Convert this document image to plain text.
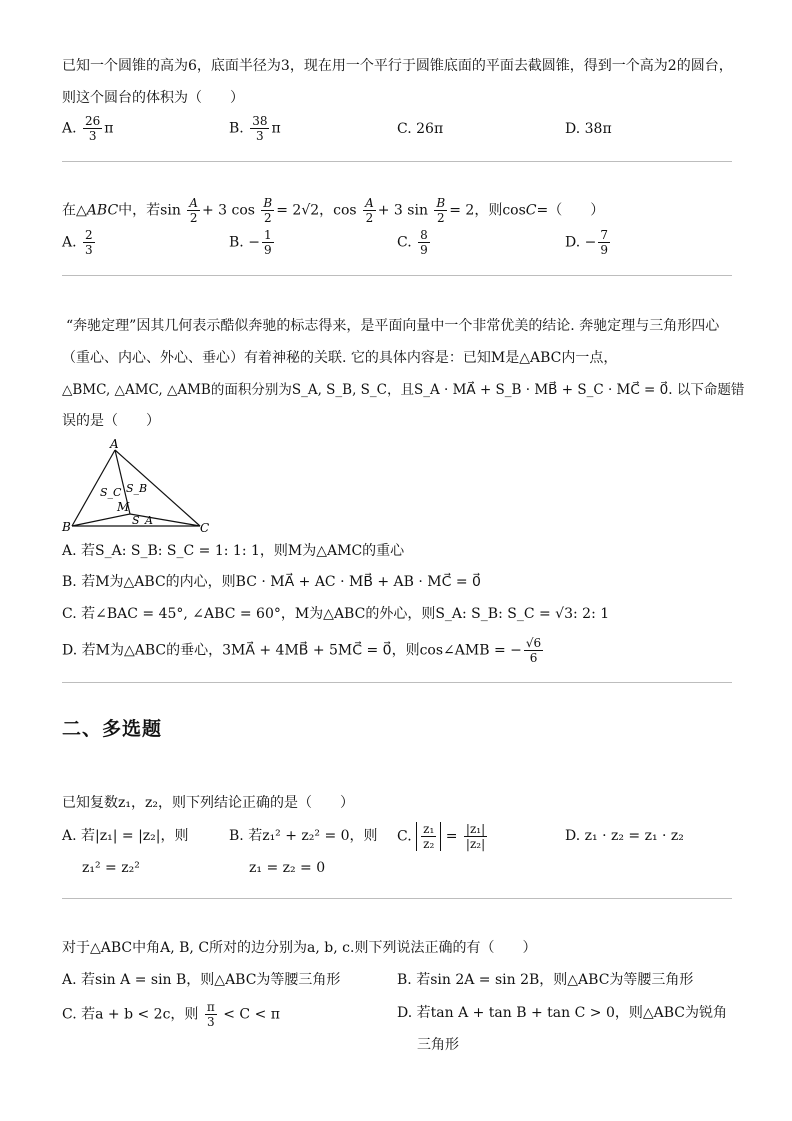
已知一个圆锥的高为6，底面半径为3，现在用一个平行于圆锥底面的平面去截圆锥，得到一个高为2的圆台，
则这个圆台的体积为（　　）
A. $\frac{26}{3}$ π	B. $\frac{38}{3}$ π	C. 26π	D. 38π
在△ABC中，若$\sin \frac{A}{2} + 3$ $\cos \frac{B}{2} = 2√2$，$\cos \frac{A}{2} + 3$ $\sin \frac{B}{2} = 2$，则cosC=（　　）
A. $\frac{2}{3}$	B. − $\frac{1}{9}$	C. $\frac{8}{9}$	D. − $\frac{7}{9}$
“奔驰定理”因其几何表示酷似奔驰的标志得来，是平面向量中一个非常优美的结论. 奔驰定理与三角形四心
（重心、内心、外心、垂心）有着神秘的关联. 它的具体内容是：已知M是△ABC内一点，
△BMC, △AMC, △AMB的面积分别为S_A, S_B, S_C，且S_A · MA⃗ + S_B · MB⃗ + S_C · MC⃗ = 0⃗. 以下命题错
误的是（　　）
A
B	C
M
S_B
S_C
S_A
A. 若S_A: S_B: S_C = 1: 1: 1，则M为△AMC的重心
B. 若M为△ABC的内心，则BC · MA⃗ + AC · MB⃗ + AB · MC⃗ = 0⃗
C. 若∠BAC = 45°, ∠ABC = 60°，M为△ABC的外心，则S_A: S_B: S_C = √3: 2: 1
D. 若M为△ABC的垂心，3MA⃗ + 4MB⃗ + 5MC⃗ = 0⃗，则cos∠AMB = − $\frac{√6}{6}$
二、多选题
已知复数z₁，z₂，则下列结论正确的是（　　）
A. 若|z₁| = |z₂|，则
z₁² = z₂²
B. 若z₁² + z₂² = 0，则
z₁ = z₂ = 0
C. $\frac{\text{z₁}}{\text{z₂}} = \frac{\text{|z₁|}}{\text{|z₂|}}$	D. z₁ · z₂ = z₁ · z₂
对于△ABC中角A, B, C所对的边分别为a, b, c.则下列说法正确的有（　　）
A. 若sin A = sin B，则△ABC为等腰三角形	B. 若sin 2A = sin 2B，则△ABC为等腰三角形
C. 若a + b < 2c，则 $\frac{\pi}{3} < C < \pi$	D. 若tan A + tan B + tan C > 0，则△ABC为锐角
三角形
